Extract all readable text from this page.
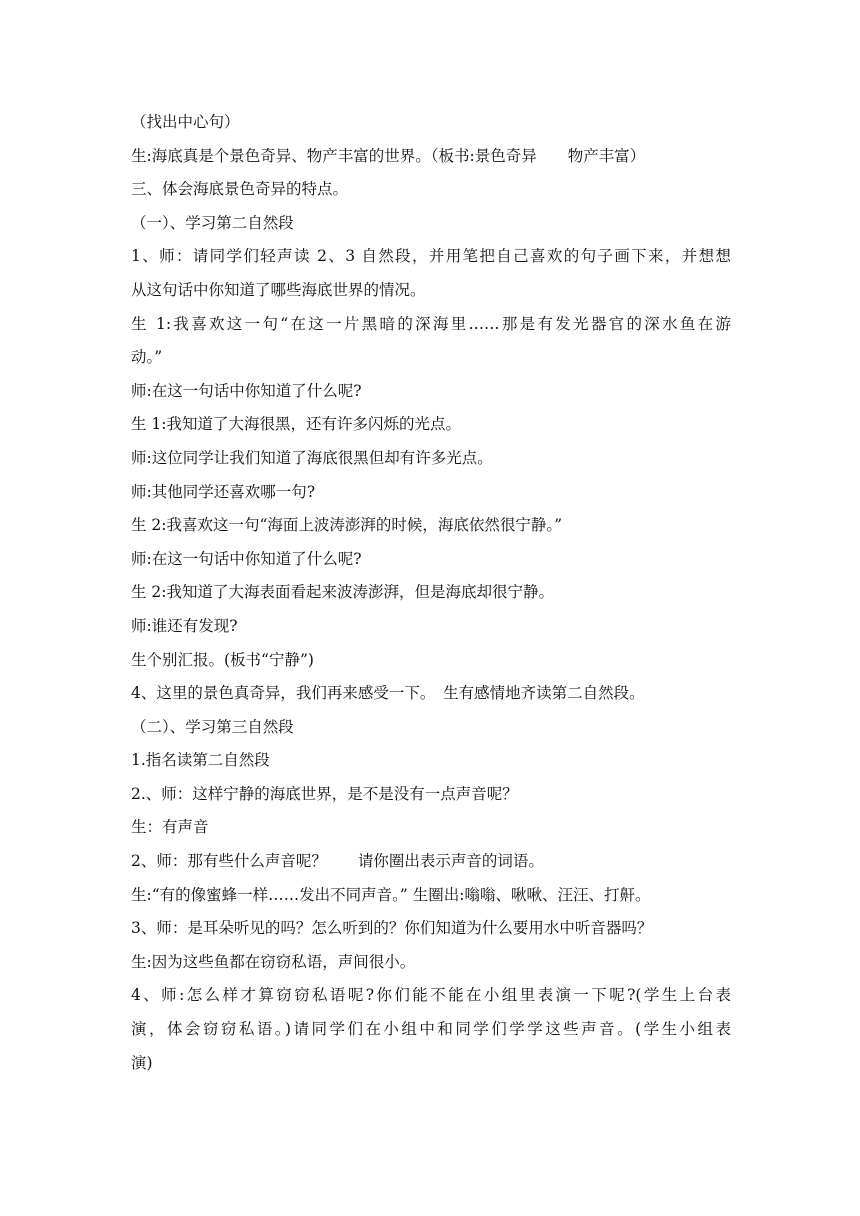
（找出中心句）
生:海底真是个景色奇异、物产丰富的世界。（板书:景色奇异　　物产丰富）
三、体会海底景色奇异的特点。
（一）、学习第二自然段
1、师：请同学们轻声读 2、3 自然段，并用笔把自己喜欢的句子画下来，并想想
从这句话中你知道了哪些海底世界的情况。
生 1:我喜欢这一句“在这一片黑暗的深海里……那是有发光器官的深水鱼在游
动。”
师:在这一句话中你知道了什么呢?
生 1:我知道了大海很黑，还有许多闪烁的光点。
师:这位同学让我们知道了海底很黑但却有许多光点。
师:其他同学还喜欢哪一句?
生 2:我喜欢这一句“海面上波涛澎湃的时候，海底依然很宁静。”
师:在这一句话中你知道了什么呢?
生 2:我知道了大海表面看起来波涛澎湃，但是海底却很宁静。
师:谁还有发现?
生个别汇报。(板书“宁静”)
4、这里的景色真奇异，我们再来感受一下。　生有感情地齐读第二自然段。
（二）、学习第三自然段
1.指名读第二自然段
2.、师：这样宁静的海底世界，是不是没有一点声音呢？
生：有声音
2、师：那有些什么声音呢？　　请你圈出表示声音的词语。
生:“有的像蜜蜂一样……发出不同声音。” 生圈出:嗡嗡、啾啾、汪汪、打鼾。
3、师：是耳朵听见的吗？怎么听到的？你们知道为什么要用水中听音器吗？
生:因为这些鱼都在窃窃私语，声间很小。
4、师:怎么样才算窃窃私语呢?你们能不能在小组里表演一下呢?(学生上台表
演，体会窃窃私语。)请同学们在小组中和同学们学学这些声音。(学生小组表
演)
